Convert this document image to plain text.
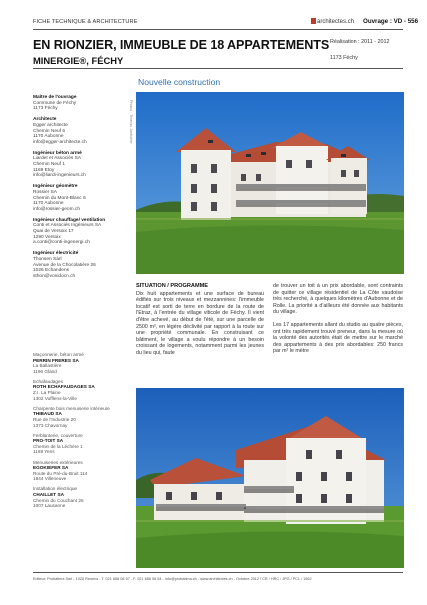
FICHE TECHNIQUE & ARCHITECTURE	architectes.ch Ouvrage : VD - 556
EN RIONZIER, IMMEUBLE DE 18 APPARTEMENTS
MINERGIE®, FÉCHY
Réalisation : 2011 - 2012
1173 Féchy
Nouvelle construction
Maître de l'ouvrage
Commune de Féchy
1173 Féchy
Architecte
Egger architecte
Chemin Neuf 6
1170 Aubonne
info@egger-architecte.ch
Ingénieur béton armé
Liardet et Associés SA
Chemin Neuf 1
1169 Etoy
info@liardi-ingenieurs.ch
Ingénieur géomètre
Rossier SA
Chemin du Mont-Blanc 6
1170 Aubonne
info@rossier-geom.ch
Ingénieur chauffage/ ventilation
Conti et Associés Ingénieurs SA
Quai de Versoix 17
1290 Versoix
a.conti@conti-ingenergi.ch
Ingénieur électricité
Thonsen Sàrl
Avenue de la Chocolatière 26
1026 Echandens
sthon@vonidocn.ch
Photos : Thomas Jantscher
SITUATION / PROGRAMME
Dix huit appartements et une surface de bureau édifiés sur trois niveaux et mezzannines: l'immeuble locatif est sorti de terre en bordure de la route de l'Etraz, à l'entrée du village viticole de Féchy. Il vient d'être achevé, au début de l'été, sur une parcelle de 2500 m², en légère déclivité par rapport à la route sur une propriété communale. En construisant ce bâtiment, le village a voulu répondre à un besoin croissant de logements, notamment parmi les jeunes du lieu qui, faute

de trouver un toit à un prix abordable, sont contraints de quitter ce village résidentiel de La Côte vaudoise très recherché, à quelques kilomètres d'Aubonne et de Rolle. La priorité a d'ailleurs été donnée aux habitants du village.

Les 17 appartements allant du studio au quatre pièces, ont très rapidement trouvé preneur, dans la mesure où la volonté des autorités était de mettre sur le marché des appartements à des prix abordables: 250 francs par m² le mètre

Maçonnerie, béton armé
PERRIN FRERES SA
La Ballastière
1196 Gland
Echafaudages
ROTH ECHAFAUDAGES SA
Z.I. La Plaine
1302 Vufflens-la-Ville
Charpente bois menuiserie intérieure
THIBAUD SA
Rue de l'Industrie 20
1373 Chavornay
Ferblanterie, couverture
PRO-TOIT SA
Chemin de la Léchère 1
1169 Yens
Menuiseries extérieures
EGOKIEFER SA
Route du Pré-du-Bruit 114
1844 Villeneuve
Installation électrique
CHAILLET SA
Chemin du Couchant 26
1007 Lausanne
Editeur: Probatima Sàrl - 1020 Renens - T. 021 658 08 57 - F. 021 658 08 54 - info@probatima.ch - www.architectes.ch - Octobre 2012 / CR / HRC / JPG / PCL / 1562
